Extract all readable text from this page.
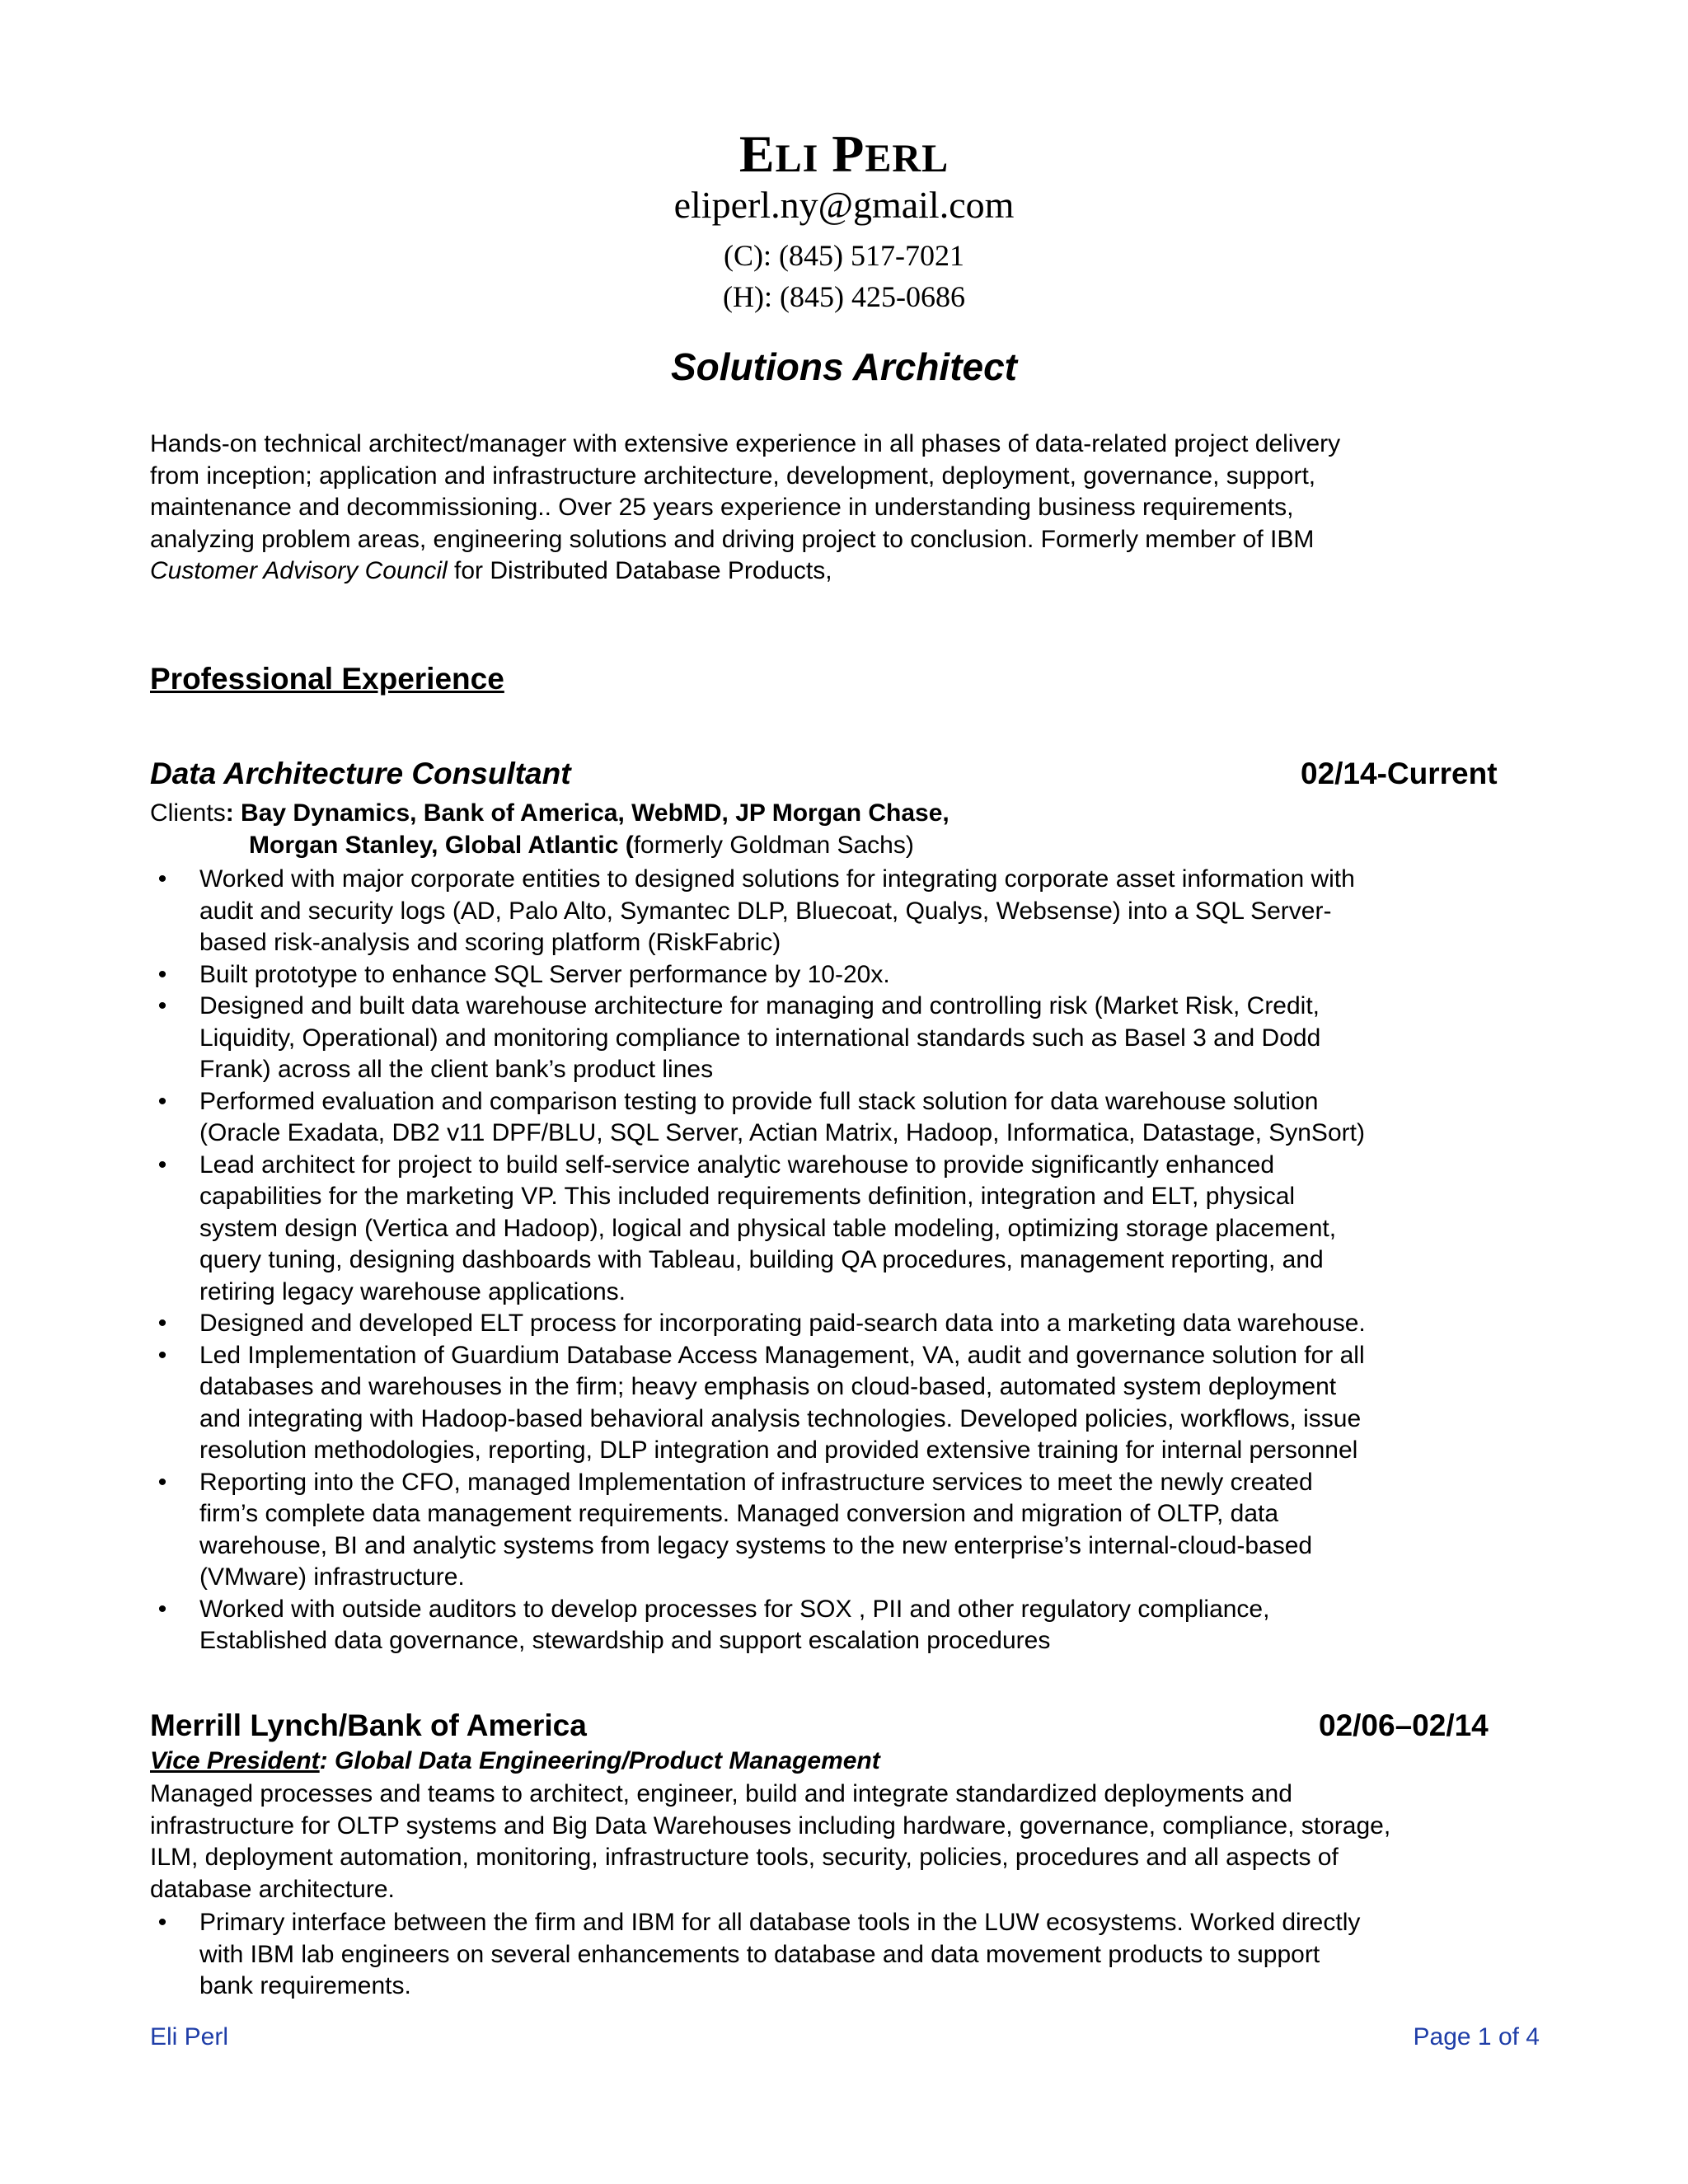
ELI PERL
eliperl.ny@gmail.com
(C): (845) 517-7021
(H): (845) 425-0686
Solutions Architect
Hands-on technical architect/manager with extensive experience in all phases of data-related project delivery
from inception; application and infrastructure architecture, development, deployment, governance, support,
maintenance and decommissioning.. Over 25 years experience in understanding business requirements,
analyzing problem areas, engineering solutions and driving project to conclusion. Formerly member of IBM
Customer Advisory Council for Distributed Database Products,
Professional Experience
Data Architecture Consultant	02/14-Current
Clients: Bay Dynamics, Bank of America, WebMD, JP Morgan Chase,
Morgan Stanley, Global Atlantic (formerly Goldman Sachs)
•	Worked with major corporate entities to designed solutions for integrating corporate asset information with
audit and security logs (AD, Palo Alto, Symantec DLP, Bluecoat, Qualys, Websense) into a SQL Server-
based risk-analysis and scoring platform (RiskFabric)
•	Built prototype to enhance SQL Server performance by 10-20x.
•	Designed and built data warehouse architecture for managing and controlling risk (Market Risk, Credit,
Liquidity, Operational) and monitoring compliance to international standards such as Basel 3 and Dodd
Frank) across all the client bank’s product lines
•	Performed evaluation and comparison testing to provide full stack solution for data warehouse solution
(Oracle Exadata, DB2 v11 DPF/BLU, SQL Server, Actian Matrix, Hadoop, Informatica, Datastage, SynSort)
•	Lead architect for project to build self-service analytic warehouse to provide significantly enhanced
capabilities for the marketing VP. This included requirements definition, integration and ELT, physical
system design (Vertica and Hadoop), logical and physical table modeling, optimizing storage placement,
query tuning, designing dashboards with Tableau, building QA procedures, management reporting, and
retiring legacy warehouse applications.
•	Designed and developed ELT process for incorporating paid-search data into a marketing data warehouse.
•	Led Implementation of Guardium Database Access Management, VA, audit and governance solution for all
databases and warehouses in the firm; heavy emphasis on cloud-based, automated system deployment
and integrating with Hadoop-based behavioral analysis technologies. Developed policies, workflows, issue
resolution methodologies, reporting, DLP integration and provided extensive training for internal personnel
•	Reporting into the CFO, managed Implementation of infrastructure services to meet the newly created
firm’s complete data management requirements. Managed conversion and migration of OLTP, data
warehouse, BI and analytic systems from legacy systems to the new enterprise’s internal-cloud-based
(VMware) infrastructure.
•	Worked with outside auditors to develop processes for SOX , PII and other regulatory compliance,
Established data governance, stewardship and support escalation procedures
Merrill Lynch/Bank of America	02/06–02/14
Vice President: Global Data Engineering/Product Management
Managed processes and teams to architect, engineer, build and integrate standardized deployments and
infrastructure for OLTP systems and Big Data Warehouses including hardware, governance, compliance, storage,
ILM, deployment automation, monitoring, infrastructure tools, security, policies, procedures and all aspects of
database architecture.
•	Primary interface between the firm and IBM for all database tools in the LUW ecosystems. Worked directly
with IBM lab engineers on several enhancements to database and data movement products to support
bank requirements.
Eli Perl	Page 1 of 4
